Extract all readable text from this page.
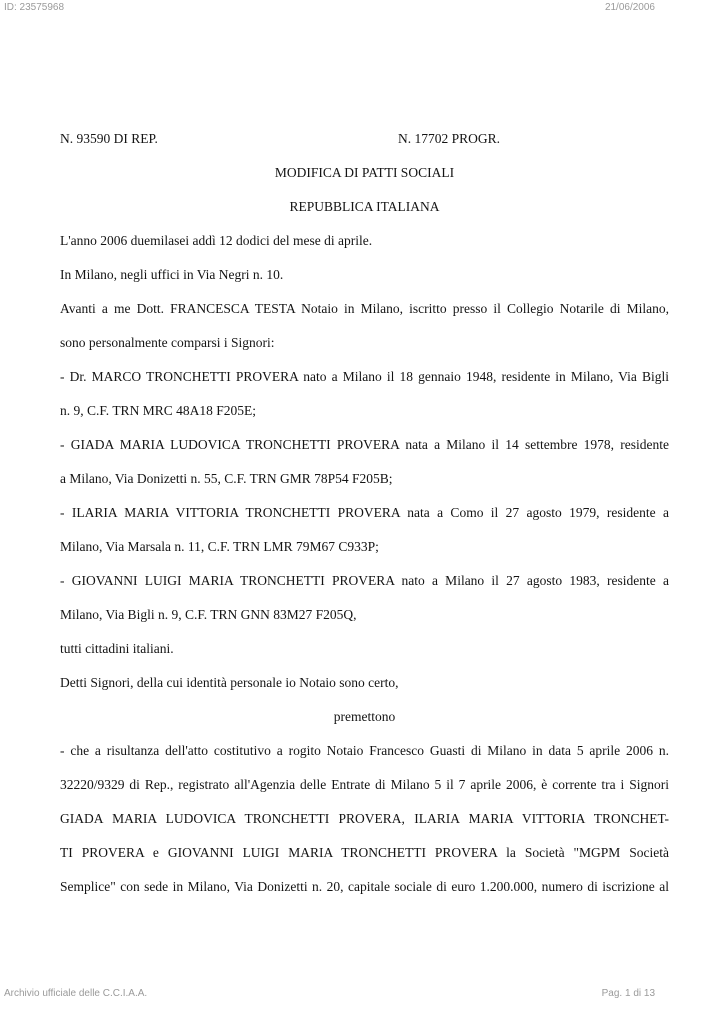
ID: 23575968	21/06/2006
N. 93590 DI REP.	N. 17702 PROGR.
MODIFICA DI PATTI SOCIALI
REPUBBLICA ITALIANA
L'anno 2006 duemilasei addì 12 dodici del mese di aprile.
In Milano, negli uffici in Via Negri n. 10.
Avanti a me Dott. FRANCESCA TESTA Notaio in Milano, iscritto presso il Collegio Notarile di Milano,
sono personalmente comparsi i Signori:
- Dr. MARCO TRONCHETTI PROVERA nato a Milano il 18 gennaio 1948, residente in Milano, Via Bigli
n. 9, C.F. TRN MRC 48A18 F205E;
- GIADA MARIA LUDOVICA TRONCHETTI PROVERA nata a Milano il 14 settembre 1978, residente
a Milano, Via Donizetti n. 55, C.F. TRN GMR 78P54 F205B;
- ILARIA MARIA VITTORIA TRONCHETTI PROVERA nata a Como il 27 agosto 1979, residente a
Milano, Via Marsala n. 11, C.F. TRN LMR 79M67 C933P;
- GIOVANNI LUIGI MARIA TRONCHETTI PROVERA nato a Milano il 27 agosto 1983, residente a
Milano, Via Bigli n. 9, C.F. TRN GNN 83M27 F205Q,
tutti cittadini italiani.
Detti Signori, della cui identità personale io Notaio sono certo,
premettono
- che a risultanza dell'atto costitutivo a rogito Notaio Francesco Guasti di Milano in data 5 aprile 2006 n.
32220/9329 di Rep., registrato all'Agenzia delle Entrate di Milano 5 il 7 aprile 2006, è corrente tra i Signori
GIADA MARIA LUDOVICA TRONCHETTI PROVERA, ILARIA MARIA VITTORIA TRONCHET-
TI PROVERA e GIOVANNI LUIGI MARIA TRONCHETTI PROVERA la Società "MGPM Società
Semplice" con sede in Milano, Via Donizetti n. 20, capitale sociale di euro 1.200.000, numero di iscrizione al
Archivio ufficiale delle C.C.I.A.A.	Pag. 1 di 13
